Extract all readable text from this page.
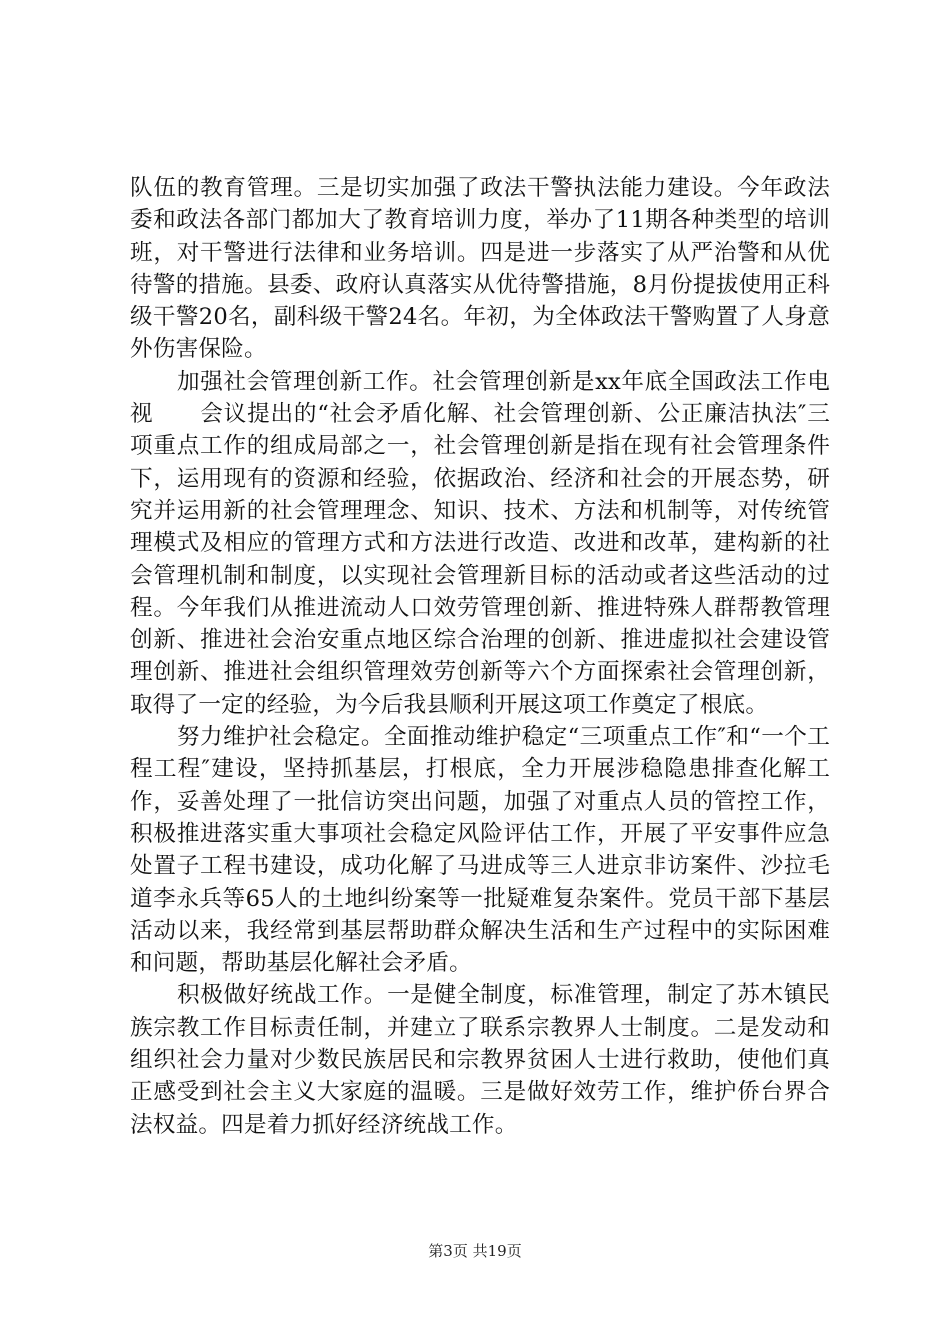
队伍的教育管理。三是切实加强了政法干警执法能力建设。今年政法委和政法各部门都加大了教育培训力度，举办了11期各种类型的培训班，对干警进行法律和业务培训。四是进一步落实了从严治警和从优待警的措施。县委、政府认真落实从优待警措施，8月份提拔使用正科级干警20名，副科级干警24名。年初，为全体政法干警购置了人身意外伤害保险。

加强社会管理创新工作。社会管理创新是xx年底全国政法工作电视　　会议提出的“社会矛盾化解、社会管理创新、公正廉洁执法″三项重点工作的组成局部之一，社会管理创新是指在现有社会管理条件下，运用现有的资源和经验，依据政治、经济和社会的开展态势，研究并运用新的社会管理理念、知识、技术、方法和机制等，对传统管理模式及相应的管理方式和方法进行改造、改进和改革，建构新的社会管理机制和制度，以实现社会管理新目标的活动或者这些活动的过程。今年我们从推进流动人口效劳管理创新、推进特殊人群帮教管理创新、推进社会治安重点地区综合治理的创新、推进虚拟社会建设管理创新、推进社会组织管理效劳创新等六个方面探索社会管理创新，取得了一定的经验，为今后我县顺利开展这项工作奠定了根底。

努力维护社会稳定。全面推动维护稳定“三项重点工作″和“一个工程工程″建设，坚持抓基层，打根底，全力开展涉稳隐患排查化解工作，妥善处理了一批信访突出问题，加强了对重点人员的管控工作，积极推进落实重大事项社会稳定风险评估工作，开展了平安事件应急处置子工程书建设，成功化解了马进成等三人进京非访案件、沙拉毛道李永兵等65人的土地纠纷案等一批疑难复杂案件。党员干部下基层活动以来，我经常到基层帮助群众解决生活和生产过程中的实际困难和问题，帮助基层化解社会矛盾。

积极做好统战工作。一是健全制度，标准管理，制定了苏木镇民族宗教工作目标责任制，并建立了联系宗教界人士制度。二是发动和组织社会力量对少数民族居民和宗教界贫困人士进行救助，使他们真正感受到社会主义大家庭的温暖。三是做好效劳工作，维护侨台界合法权益。四是着力抓好经济统战工作。

第3页 共19页
